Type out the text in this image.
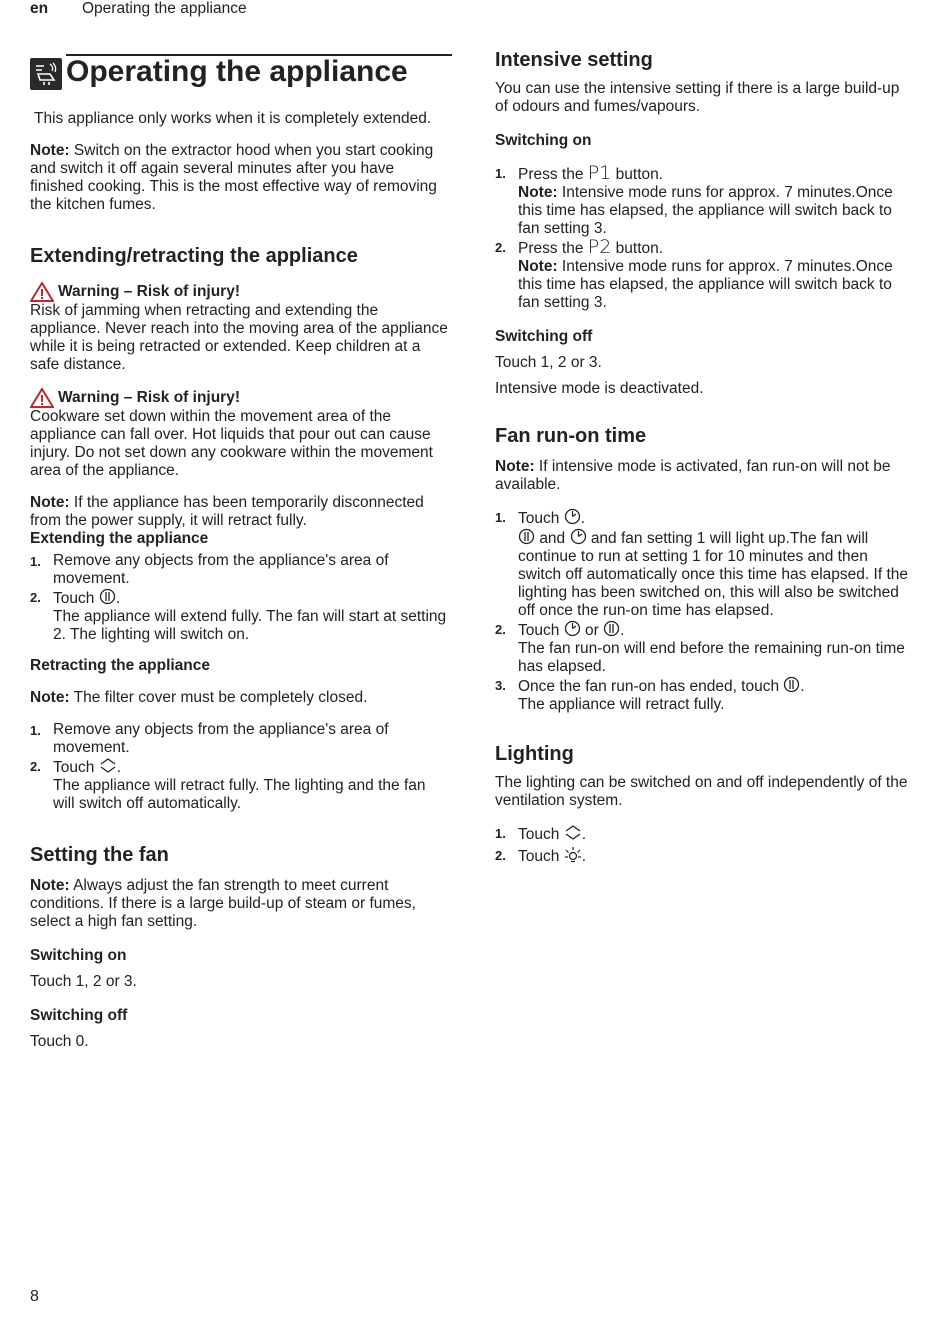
en Operating the appliance
Operating the appliance

This appliance only works when it is completely extended.

Note: Switch on the extractor hood when you start cooking and switch it off again several minutes after you have finished cooking. This is the most effective way of removing the kitchen fumes.

Extending/retracting the appliance
Warning – Risk of injury!

Risk of jamming when retracting and extending the appliance. Never reach into the moving area of the appliance while it is being retracted or extended. Keep children at a safe distance.

Warning – Risk of injury!

Cookware set down within the movement area of the appliance can fall over. Hot liquids that pour out can cause injury. Do not set down any cookware within the movement area of the appliance.

Note: If the appliance has been temporarily disconnected from the power supply, it will retract fully.

Extending the appliance
1. Remove any objects from the appliance's area of movement.
2. Touch .
The appliance will extend fully. The fan will start at setting 2. The lighting will switch on.
Retracting the appliance

Note: The filter cover must be completely closed.

1. Remove any objects from the appliance's area of movement.
2. Touch .
The appliance will retract fully. The lighting and the fan will switch off automatically.
Setting the fan

Note: Always adjust the fan strength to meet current conditions. If there is a large build-up of steam or fumes, select a high fan setting.

Switching on

Touch 1, 2 or 3.

Switching off

Touch 0.

Intensive setting

You can use the intensive setting if there is a large build-up of odours and fumes/vapours.

Switching on
1. Press the P1 button.
Note: Intensive mode runs for approx. 7 minutes.Once this time has elapsed, the appliance will switch back to fan setting 3.
2. Press the P2 button.
Note: Intensive mode runs for approx. 7 minutes.Once this time has elapsed, the appliance will switch back to fan setting 3.
Switching off

Touch 1, 2 or 3.

Intensive mode is deactivated.

Fan run-on time

Note: If intensive mode is activated, fan run-on will not be available.

1. Touch .
and and fan setting 1 will light up.The fan will continue to run at setting 1 for 10 minutes and then switch off automatically once this time has elapsed. If the lighting has been switched on, this will also be switched off once the run-on time has elapsed.
2. Touch or .
The fan run-on will end before the remaining run-on time has elapsed.
3. Once the fan run-on has ended, touch .
The appliance will retract fully.
Lighting

The lighting can be switched on and off independently of the ventilation system.

1. Touch .
2. Touch .
8
